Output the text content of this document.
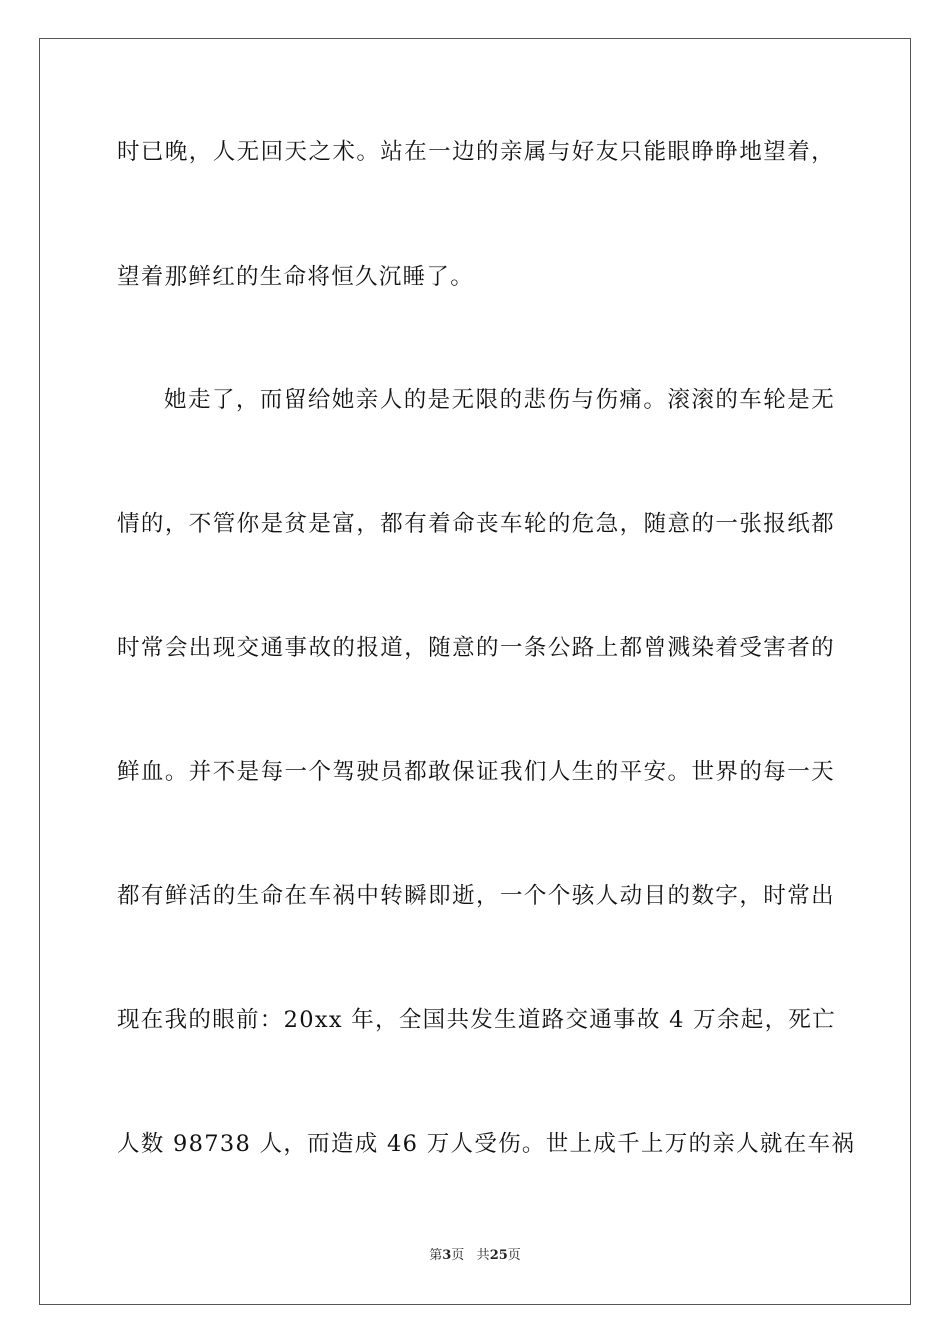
时已晚，人无回天之术。站在一边的亲属与好友只能眼睁睁地望着，
望着那鲜红的生命将恒久沉睡了。
她走了，而留给她亲人的是无限的悲伤与伤痛。滚滚的车轮是无
情的，不管你是贫是富，都有着命丧车轮的危急，随意的一张报纸都
时常会出现交通事故的报道，随意的一条公路上都曾溅染着受害者的
鲜血。并不是每一个驾驶员都敢保证我们人生的平安。世界的每一天
都有鲜活的生命在车祸中转瞬即逝，一个个骇人动目的数字，时常出
现在我的眼前：20xx 年，全国共发生道路交通事故 4 万余起，死亡
人数 98738 人，而造成 46 万人受伤。世上成千上万的亲人就在车祸
第3页 共25页
